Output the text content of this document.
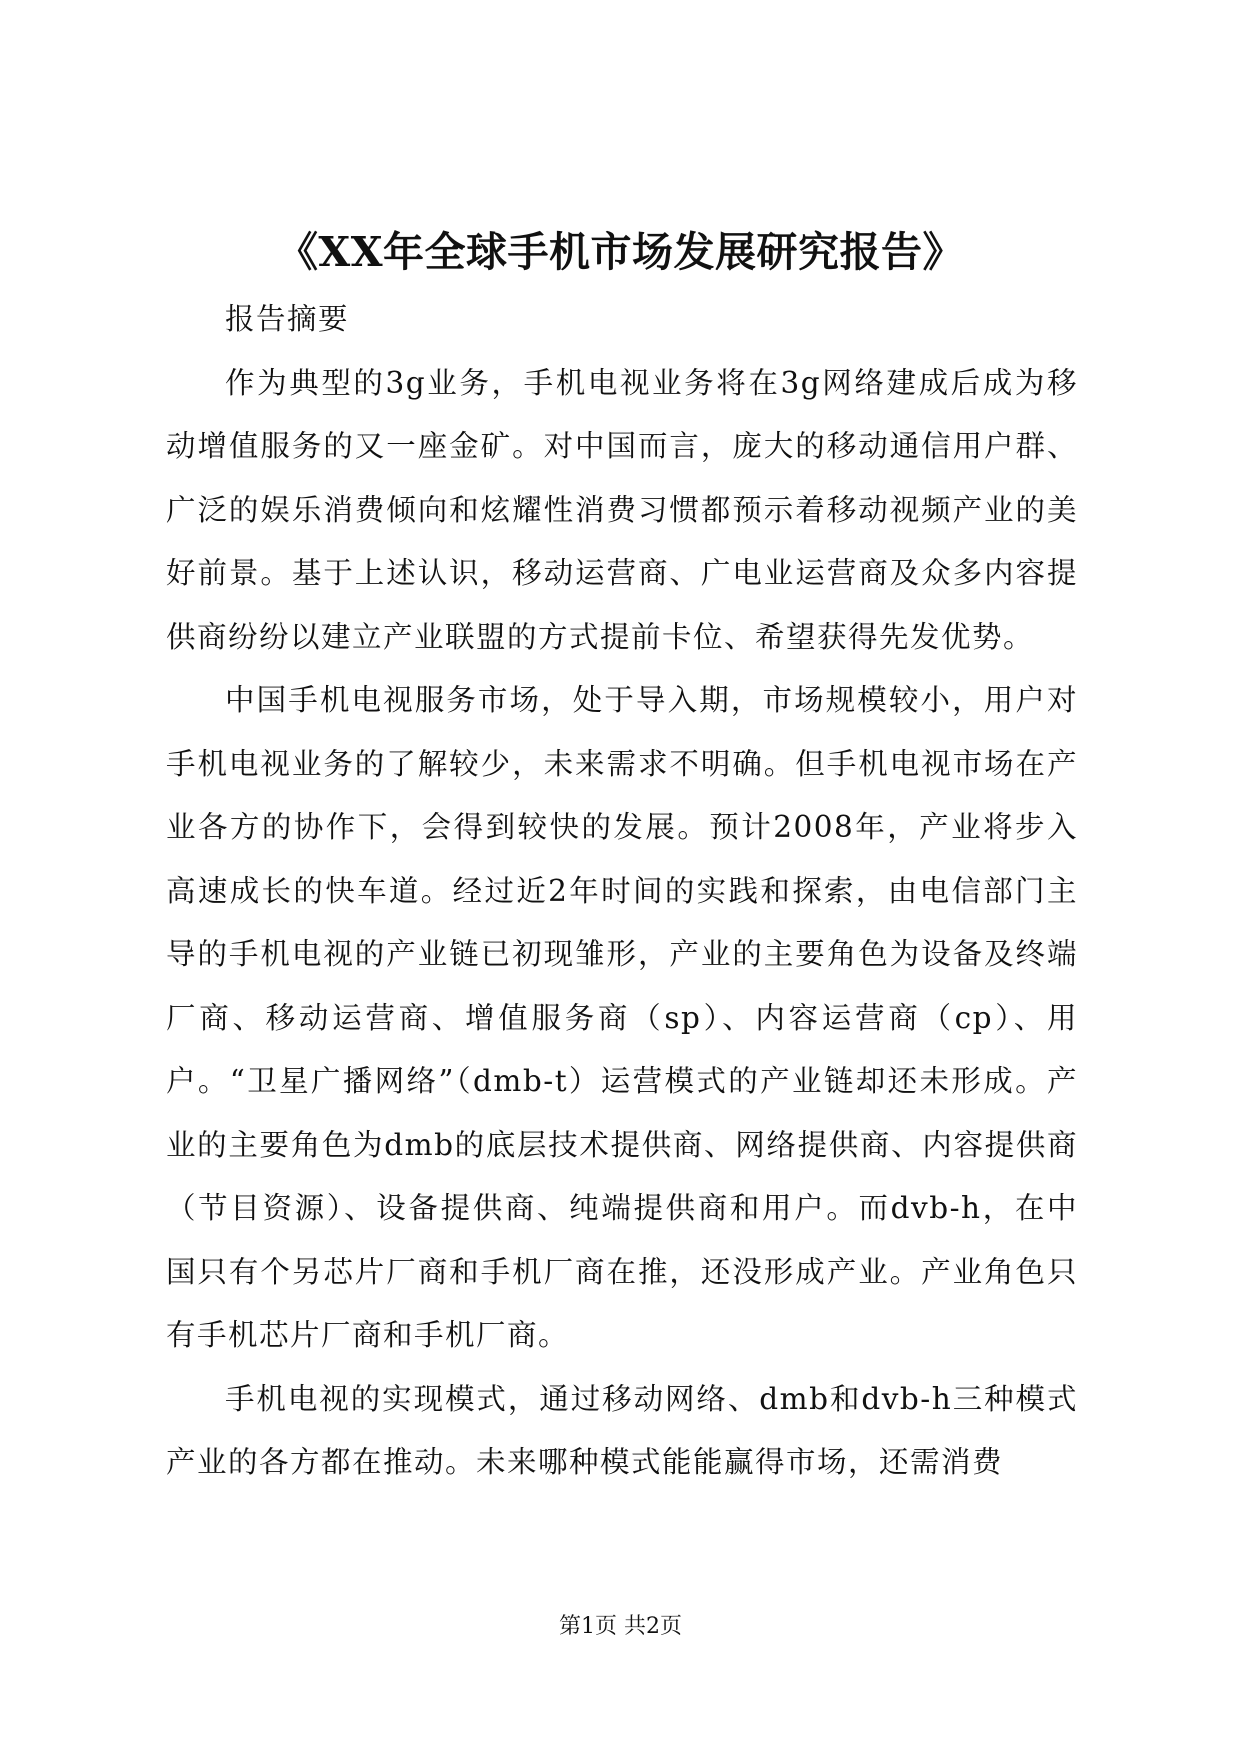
《XX年全球手机市场发展研究报告》

报告摘要

作为典型的3g业务，手机电视业务将在3g网络建成后成为移动增值服务的又一座金矿。对中国而言，庞大的移动通信用户群、广泛的娱乐消费倾向和炫耀性消费习惯都预示着移动视频产业的美好前景。基于上述认识，移动运营商、广电业运营商及众多内容提供商纷纷以建立产业联盟的方式提前卡位、希望获得先发优势。

中国手机电视服务市场，处于导入期，市场规模较小，用户对手机电视业务的了解较少，未来需求不明确。但手机电视市场在产业各方的协作下，会得到较快的发展。预计2008年，产业将步入高速成长的快车道。经过近2年时间的实践和探索，由电信部门主导的手机电视的产业链已初现雏形，产业的主要角色为设备及终端厂商、移动运营商、增值服务商（sp）、内容运营商（cp）、用户。“卫星广播网络”（dmb-t）运营模式的产业链却还未形成。产业的主要角色为dmb的底层技术提供商、网络提供商、内容提供商（节目资源）、设备提供商、纯端提供商和用户。而dvb-h，在中国只有个另芯片厂商和手机厂商在推，还没形成产业。产业角色只有手机芯片厂商和手机厂商。

手机电视的实现模式，通过移动网络、dmb和dvb-h三种模式产业的各方都在推动。未来哪种模式能能赢得市场，还需消费

第1页 共2页
